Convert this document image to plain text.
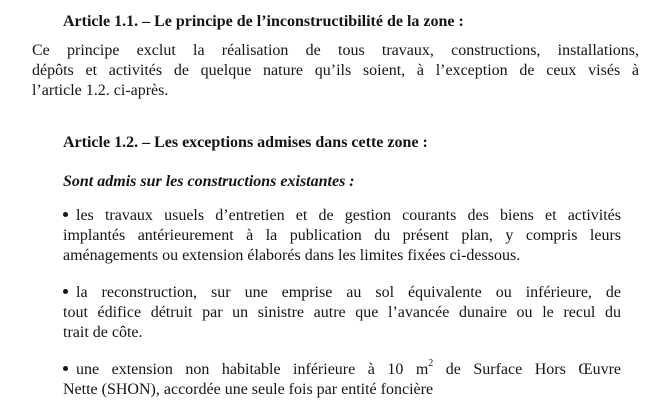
Article 1.1. – Le principe de l’inconstructibilité de la zone :
Ce principe exclut la réalisation de tous travaux, constructions, installations,
dépôts et activités de quelque nature qu’ils soient, à l’exception de ceux visés à
l’article 1.2. ci-après.
Article 1.2. – Les exceptions admises dans cette zone :
Sont admis sur les constructions existantes :
les travaux usuels d’entretien et de gestion courants des biens et activités
implantés antérieurement à la publication du présent plan, y compris leurs
aménagements ou extension élaborés dans les limites fixées ci-dessous.
la reconstruction, sur une emprise au sol équivalente ou inférieure, de
tout édifice détruit par un sinistre autre que l’avancée dunaire ou le recul du
trait de côte.
une extension non habitable inférieure à 10 $m^2$ de Surface Hors Œuvre
Nette (SHON), accordée une seule fois par entité foncière
